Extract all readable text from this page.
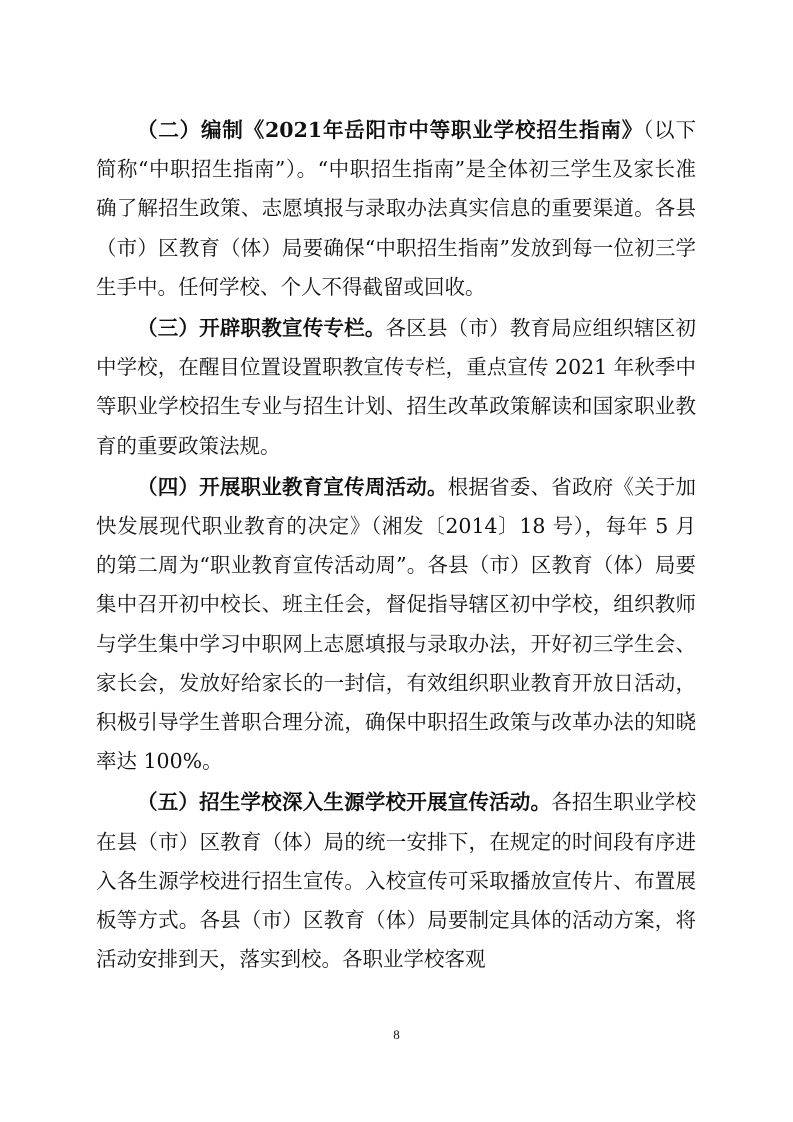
（二）编制《2021年岳阳市中等职业学校招生指南》（以下简称“中职招生指南”）。“中职招生指南”是全体初三学生及家长准确了解招生政策、志愿填报与录取办法真实信息的重要渠道。各县（市）区教育（体）局要确保“中职招生指南”发放到每一位初三学生手中。任何学校、个人不得截留或回收。

（三）开辟职教宣传专栏。各区县（市）教育局应组织辖区初中学校，在醒目位置设置职教宣传专栏，重点宣传 2021 年秋季中等职业学校招生专业与招生计划、招生改革政策解读和国家职业教育的重要政策法规。

（四）开展职业教育宣传周活动。根据省委、省政府《关于加快发展现代职业教育的决定》（湘发〔2014〕18 号），每年 5 月的第二周为“职业教育宣传活动周”。各县（市）区教育（体）局要集中召开初中校长、班主任会，督促指导辖区初中学校，组织教师与学生集中学习中职网上志愿填报与录取办法，开好初三学生会、家长会，发放好给家长的一封信，有效组织职业教育开放日活动，积极引导学生普职合理分流，确保中职招生政策与改革办法的知晓率达 100%。

（五）招生学校深入生源学校开展宣传活动。各招生职业学校在县（市）区教育（体）局的统一安排下，在规定的时间段有序进入各生源学校进行招生宣传。入校宣传可采取播放宣传片、布置展板等方式。各县（市）区教育（体）局要制定具体的活动方案，将活动安排到天，落实到校。各职业学校客观

8
